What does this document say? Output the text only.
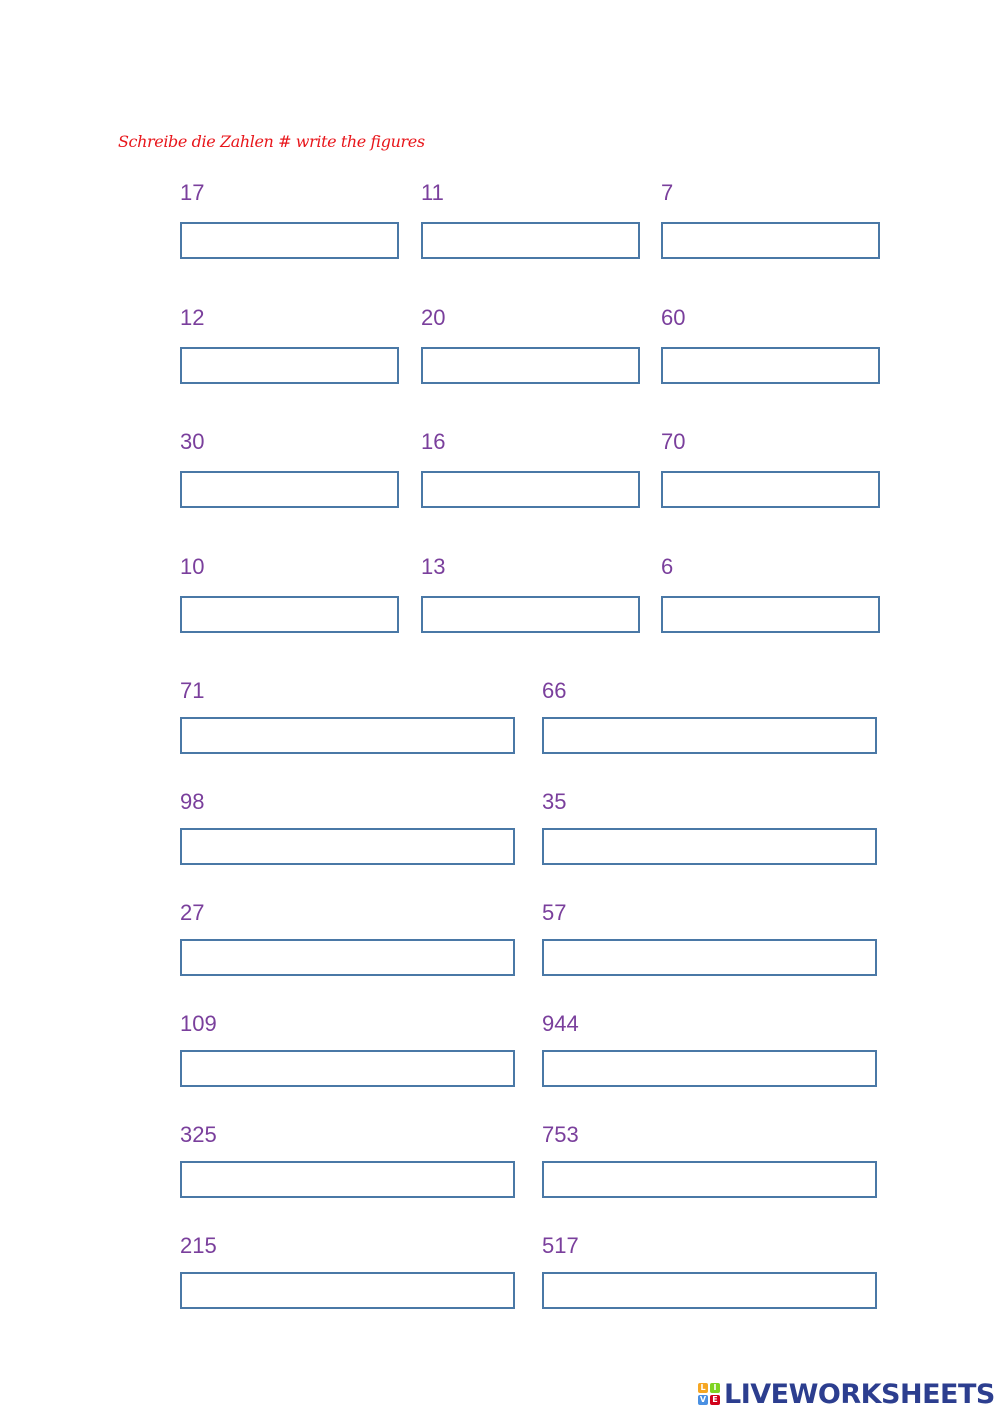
Schreibe die Zahlen # write the figures
17	11	7
12	20	60
30	16	70
10	13	6
71	66
98	35
27	57
109	944
325	753
215	517
L I
V E LIVEWORKSHEETS
